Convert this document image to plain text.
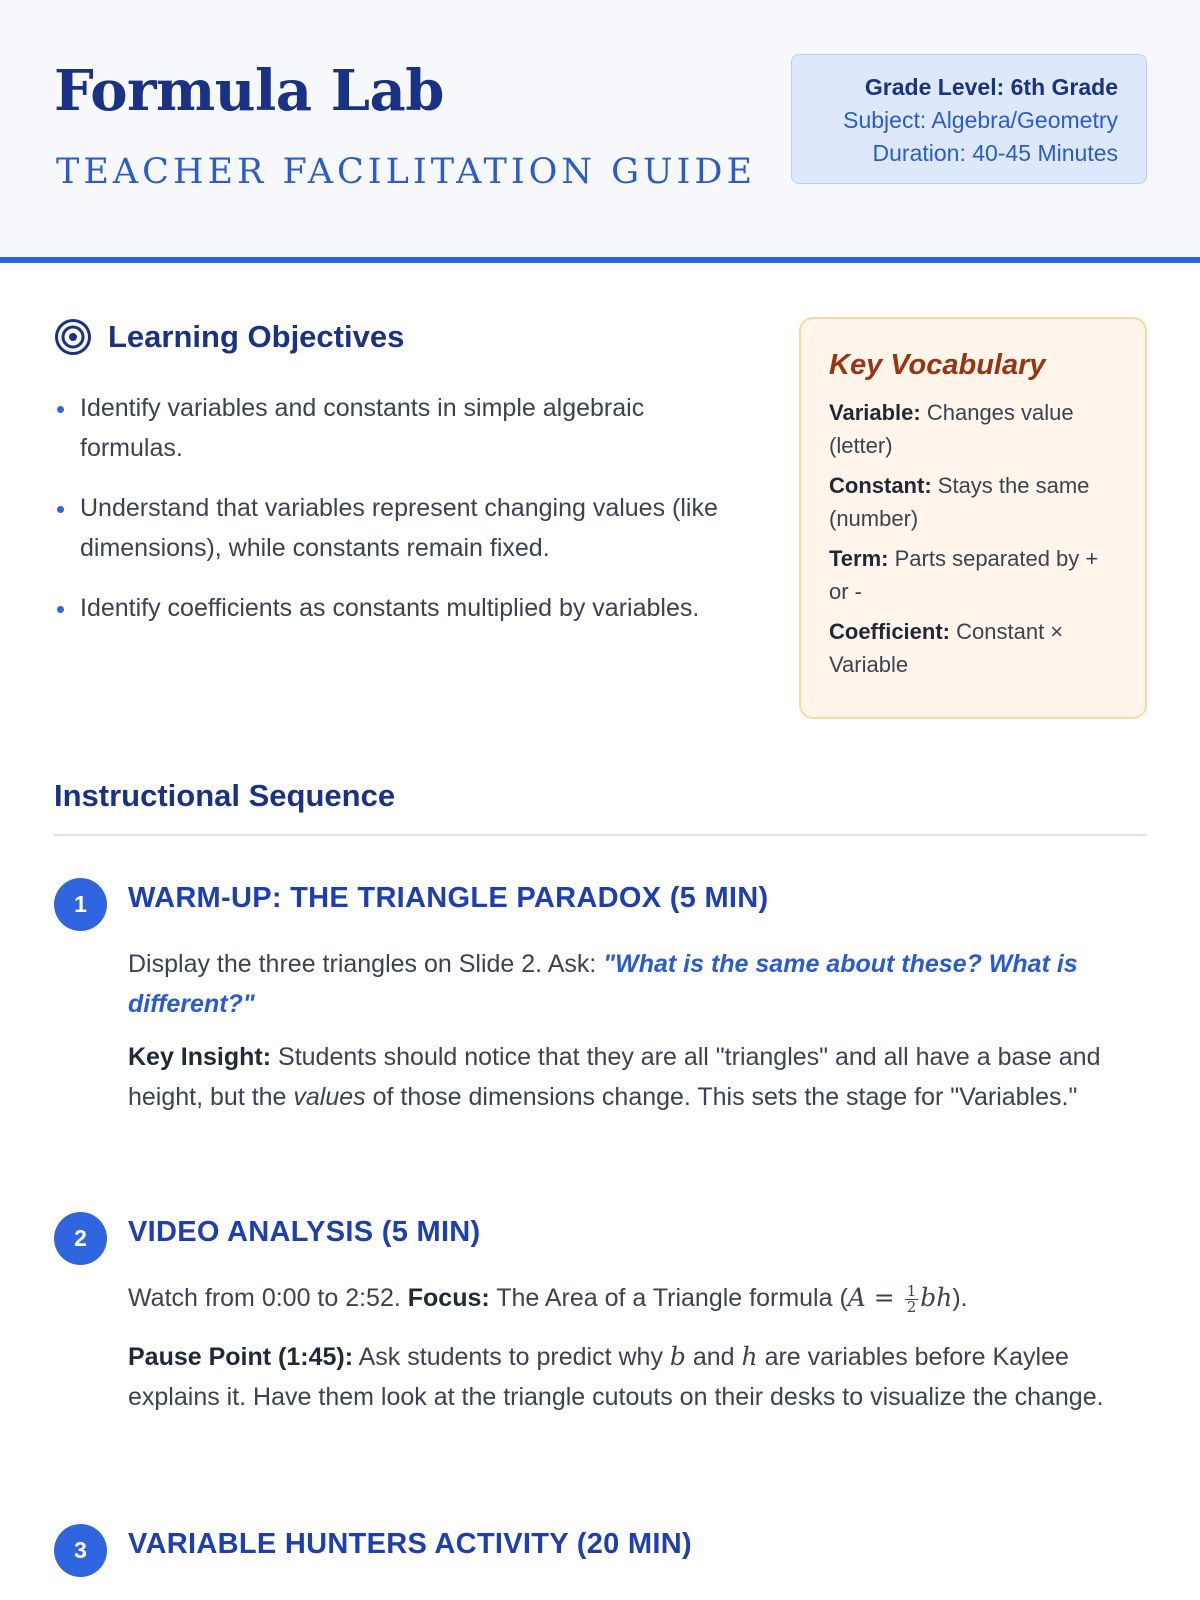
Formula Lab
TEACHER FACILITATION GUIDE
Grade Level: 6th Grade
Subject: Algebra/Geometry
Duration: 40-45 Minutes
Learning Objectives
Identify variables and constants in simple algebraic formulas.
Understand that variables represent changing values (like dimensions), while constants remain fixed.
Identify coefficients as constants multiplied by variables.
Key Vocabulary
Variable: Changes value (letter)
Constant: Stays the same (number)
Term: Parts separated by + or -
Coefficient: Constant × Variable
Instructional Sequence
1	WARM-UP: THE TRIANGLE PARADOX (5 MIN)

Display the three triangles on Slide 2. Ask: "What is the same about these? What is different?"

Key Insight: Students should notice that they are all "triangles" and all have a base and height, but the values of those dimensions change. This sets the stage for "Variables."

2	VIDEO ANALYSIS (5 MIN)

Watch from 0:00 to 2:52. Focus: The Area of a Triangle formula $(A = \frac{1}{2} bh)$.

Pause Point (1:45): Ask students to predict why b and h are variables before Kaylee explains it. Have them look at the triangle cutouts on their desks to visualize the change.

3	VARIABLE HUNTERS ACTIVITY (20 MIN)
